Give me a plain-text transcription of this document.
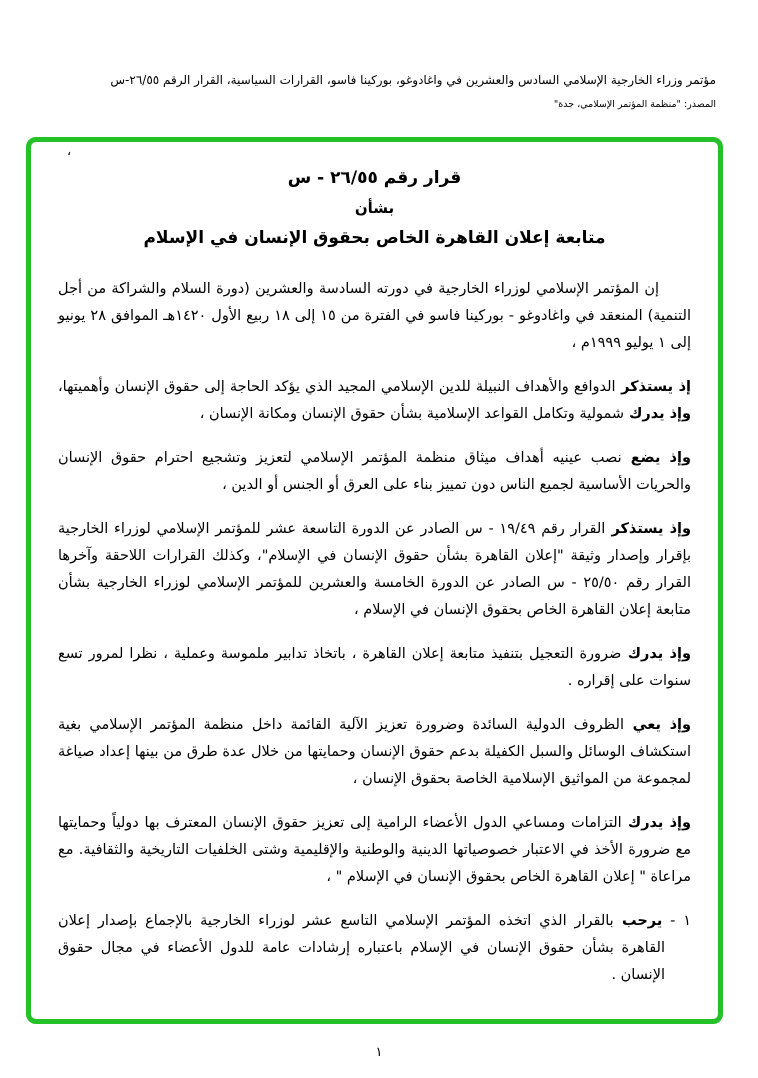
مؤتمر وزراء الخارجية الإسلامي السادس والعشرين في واغادوغو، بوركينا فاسو، القرارات السياسية، القرار الرقم ٢٦/٥٥-س
المصدر: "منظمة المؤتمر الإسلامي، جدة"
،
قرار رقم ٢٦/٥٥ - س
بشأن
متابعة إعلان القاهرة الخاص بحقوق الإنسان في الإسلام
إن المؤتمر الإسلامي لوزراء الخارجية في دورته السادسة والعشرين (دورة السلام والشراكة من أجل التنمية) المنعقد في واغادوغو - بوركينا فاسو في الفترة من ١٥ إلى ١٨ ربيع الأول ١٤٢٠هـ الموافق ٢٨ يونيو إلى ١ يوليو ١٩٩٩م ،
إذ يستذكر الدوافع والأهداف النبيلة للدين الإسلامي المجيد الذي يؤكد الحاجة إلى حقوق الإنسان وأهميتها، وإذ يدرك شمولية وتكامل القواعد الإسلامية بشأن حقوق الإنسان ومكانة الإنسان ،
وإذ يضع نصب عينيه أهداف ميثاق منظمة المؤتمر الإسلامي لتعزيز وتشجيع احترام حقوق الإنسان والحريات الأساسية لجميع الناس دون تمييز بناء على العرق أو الجنس أو الدين ،
وإذ يستذكر القرار رقم ١٩/٤٩ - س الصادر عن الدورة التاسعة عشر للمؤتمر الإسلامي لوزراء الخارجية بإقرار وإصدار وثيقة "إعلان القاهرة بشأن حقوق الإنسان في الإسلام"، وكذلك القرارات اللاحقة وآخرها القرار رقم ٢٥/٥٠ - س الصادر عن الدورة الخامسة والعشرين للمؤتمر الإسلامي لوزراء الخارجية بشأن متابعة إعلان القاهرة الخاص بحقوق الإنسان في الإسلام ،
وإذ يدرك ضرورة التعجيل بتنفيذ متابعة إعلان القاهرة ، باتخاذ تدابير ملموسة وعملية ، نظرا لمرور تسع سنوات على إقراره .
وإذ يعي الظروف الدولية السائدة وضرورة تعزيز الآلية القائمة داخل منظمة المؤتمر الإسلامي بغية استكشاف الوسائل والسبل الكفيلة بدعم حقوق الإنسان وحمايتها من خلال عدة طرق من بينها إعداد صياغة لمجموعة من المواثيق الإسلامية الخاصة بحقوق الإنسان ،
وإذ يدرك التزامات ومساعي الدول الأعضاء الرامية إلى تعزيز حقوق الإنسان المعترف بها دولياً وحمايتها مع ضرورة الأخذ في الاعتبار خصوصياتها الدينية والوطنية والإقليمية وشتى الخلفيات التاريخية والثقافية. مع مراعاة " إعلان القاهرة الخاص بحقوق الإنسان في الإسلام " ،
١ - يرحب بالقرار الذي اتخذه المؤتمر الإسلامي التاسع عشر لوزراء الخارجية بالإجماع بإصدار إعلان القاهرة بشأن حقوق الإنسان في الإسلام باعتباره إرشادات عامة للدول الأعضاء في مجال حقوق الإنسان .
١
